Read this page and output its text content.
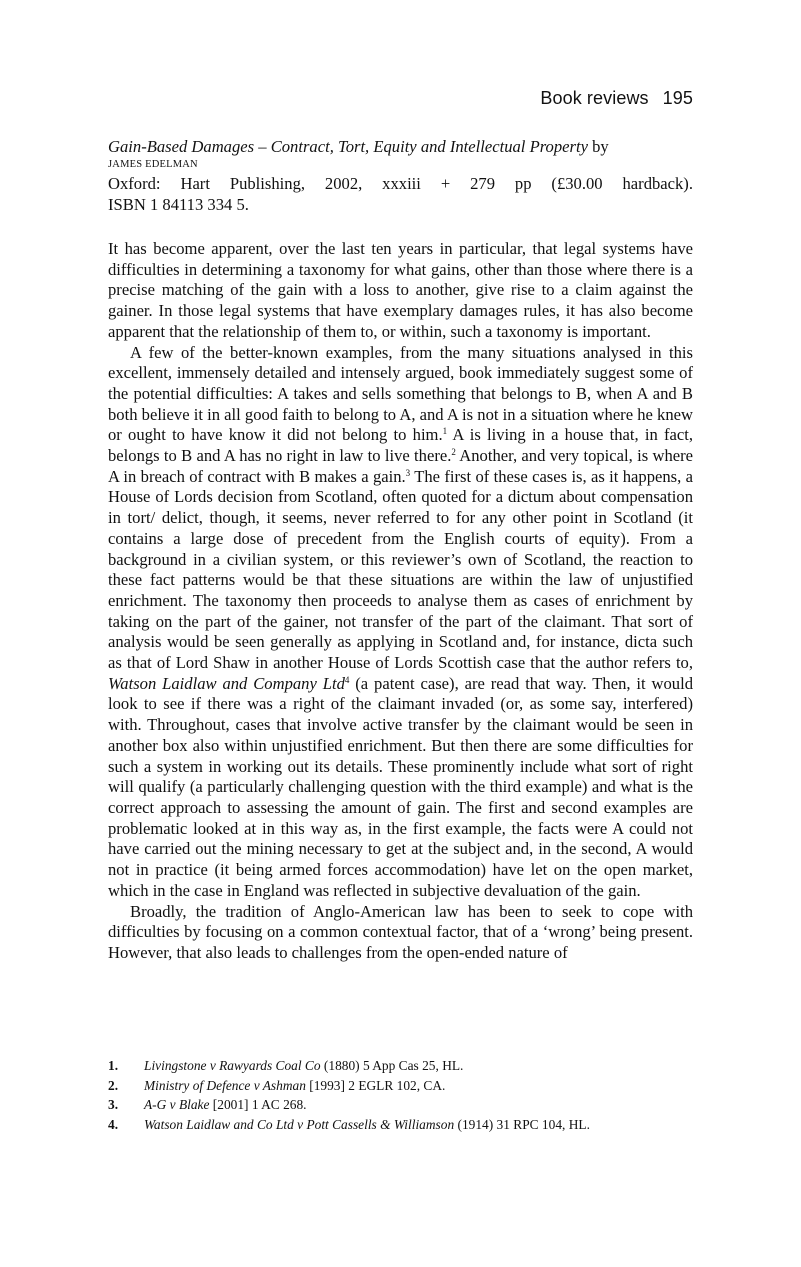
Book reviews 195
Gain-Based Damages – Contract, Tort, Equity and Intellectual Property by
JAMES EDELMAN
Oxford: Hart Publishing, 2002, xxxiii + 279 pp (£30.00 hardback).
ISBN 1 84113 334 5.

It has become apparent, over the last ten years in particular, that legal systems have difficulties in determining a taxonomy for what gains, other than those where there is a precise matching of the gain with a loss to another, give rise to a claim against the gainer. In those legal systems that have exemplary damages rules, it has also become apparent that the relationship of them to, or within, such a taxonomy is important.

A few of the better-known examples, from the many situations analysed in this excellent, immensely detailed and intensely argued, book immediately suggest some of the potential difficulties: A takes and sells something that belongs to B, when A and B both believe it in all good faith to belong to A, and A is not in a situation where he knew or ought to have know it did not belong to him.$^1$ A is living in a house that, in fact, belongs to B and A has no right in law to live there.$^2$ Another, and very topical, is where A in breach of contract with B makes a gain.$^3$ The first of these cases is, as it happens, a House of Lords decision from Scotland, often quoted for a dictum about compensation in tort/ delict, though, it seems, never referred to for any other point in Scotland (it contains a large dose of precedent from the English courts of equity). From a background in a civilian system, or this reviewer’s own of Scotland, the reaction to these fact patterns would be that these situations are within the law of unjustified enrichment. The taxonomy then proceeds to analyse them as cases of enrichment by taking on the part of the gainer, not transfer of the part of the claimant. That sort of analysis would be seen generally as applying in Scotland and, for instance, dicta such as that of Lord Shaw in another House of Lords Scottish case that the author refers to, Watson Laidlaw and Company Ltd$^4$ (a patent case), are read that way. Then, it would look to see if there was a right of the claimant invaded (or, as some say, interfered) with. Throughout, cases that involve active transfer by the claimant would be seen in another box also within unjustified enrichment. But then there are some difficulties for such a system in working out its details. These prominently include what sort of right will qualify (a particularly challenging question with the third example) and what is the correct approach to assessing the amount of gain. The first and second examples are problematic looked at in this way as, in the first example, the facts were A could not have carried out the mining necessary to get at the subject and, in the second, A would not in practice (it being armed forces accommodation) have let on the open market, which in the case in England was reflected in subjective devaluation of the gain.

Broadly, the tradition of Anglo-American law has been to seek to cope with difficulties by focusing on a common contextual factor, that of a ‘wrong’ being present. However, that also leads to challenges from the open-ended nature of

1.	Livingstone v Rawyards Coal Co (1880) 5 App Cas 25, HL.
2.	Ministry of Defence v Ashman [1993] 2 EGLR 102, CA.
3.	A-G v Blake [2001] 1 AC 268.
4.	Watson Laidlaw and Co Ltd v Pott Cassells & Williamson (1914) 31 RPC 104, HL.
